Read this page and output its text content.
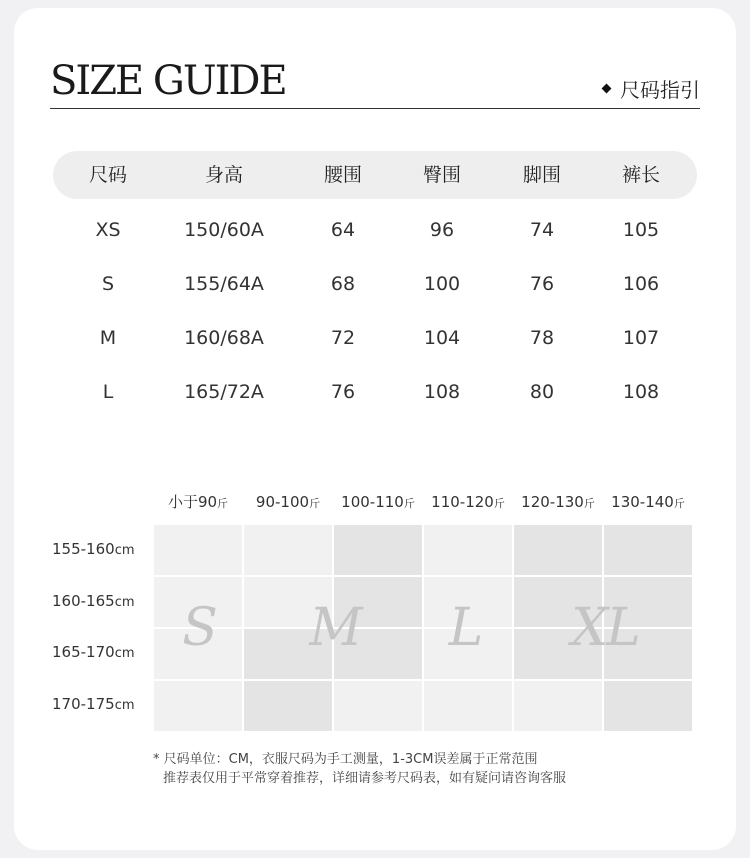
SIZE GUIDE	尺码指引
尺码	身高	腰围	臀围	脚围	裤长
XS	150/60A	64	96	74	105
S	155/64A	68	100	76	106
M	160/68A	72	104	78	107
L	165/72A	76	108	80	108
小于90斤	90-100斤	100-110斤	110-120斤	120-130斤	130-140斤
155-160cm
160-165cm
165-170cm
170-175cm
S	M	L	XL
* 尺码单位：CM，衣服尺码为手工测量，1-3CM误差属于正常范围
推荐表仅用于平常穿着推荐，详细请参考尺码表，如有疑问请咨询客服
